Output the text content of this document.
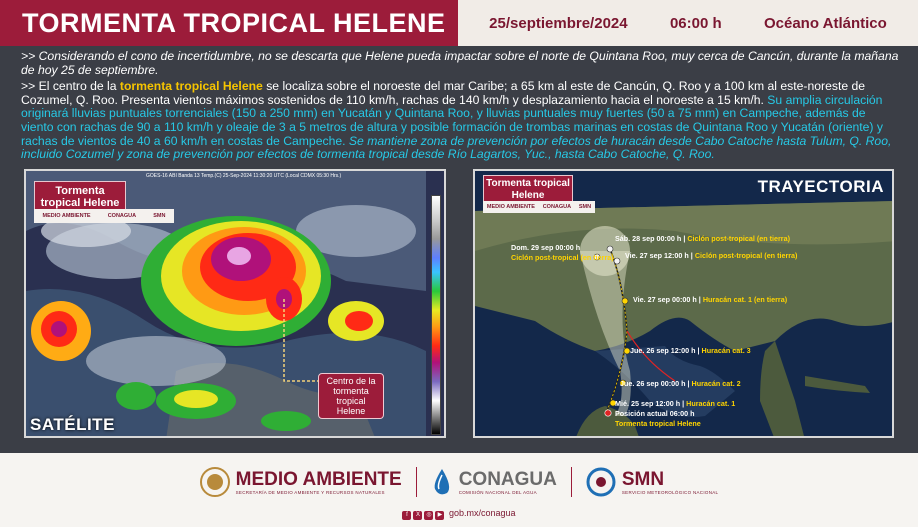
TORMENTA TROPICAL HELENE	25/septiembre/2024	06:00 h	Océano Atlántico

>> Considerando el cono de incertidumbre, no se descarta que Helene pueda impactar sobre el norte de Quintana Roo, muy cerca de Cancún, durante la mañana de hoy 25 de septiembre.

>> El centro de la tormenta tropical Helene se localiza sobre el noroeste del mar Caribe; a 65 km al este de Cancún, Q. Roo y a 100 km al este-noreste de Cozumel, Q. Roo. Presenta vientos máximos sostenidos de 110 km/h, rachas de 140 km/h y desplazamiento hacia el noroeste a 15 km/h. Su amplia circulación originará lluvias puntuales torrenciales (150 a 250 mm) en Yucatán y Quintana Roo, y lluvias puntuales muy fuertes (50 a 75 mm) en Campeche, además de viento con rachas de 90 a 110 km/h y oleaje de 3 a 5 metros de altura y posible formación de trombas marinas en costas de Quintana Roo y Yucatán (oriente) y rachas de vientos de 40 a 60 km/h en costas de Campeche. Se mantiene zona de prevención por efectos de huracán desde Cabo Catoche hasta Tulum, Q. Roo, incluido Cozumel y zona de prevención por efectos de tormenta tropical desde Río Lagartos, Yuc., hasta Cabo Catoche, Q. Roo.

GOES-16 ABI Banda 13 Temp.(C) 25-Sep-2024 11:30:20 UTC (Local CDMX 05:30 Hrs.)
Tormenta tropical Helene
MEDIO AMBIENTE	CONAGUA	SMN
Centro de la tormenta tropical Helene
SATÉLITE
Tormenta tropical Helene
MEDIO AMBIENTE CONAGUA SMN
TRAYECTORIA
Sáb. 28 sep 00:00 h | Ciclón post-tropical (en tierra)
Dom. 29 sep 00:00 h
Ciclón post-tropical (en tierra) Vie. 27 sep 12:00 h | Ciclón post-tropical (en tierra)
Vie. 27 sep 00:00 h | Huracán cat. 1 (en tierra)
Jue. 26 sep 12:00 h | Huracán cat. 3
Jue. 26 sep 00:00 h | Huracán cat. 2
Mié. 25 sep 12:00 h | Huracán cat. 1
Posición actual 06:00 h
Tormenta tropical Helene
MEDIO AMBIENTE
SECRETARÍA DE MEDIO AMBIENTE Y RECURSOS NATURALES
CONAGUA
COMISIÓN NACIONAL DEL AGUA
SMN
SERVICIO METEOROLÓGICO NACIONAL
f X ◎ ▶ gob.mx/conagua
